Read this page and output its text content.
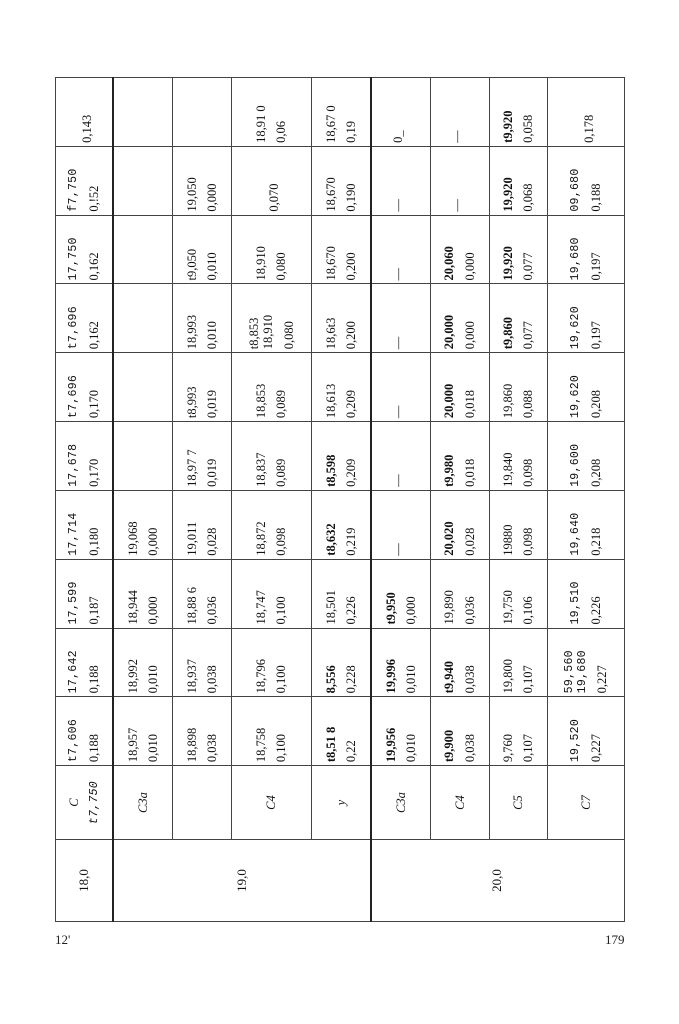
12'	179
18,0	C t7,750	t7,606 0,188	17,642 0,188	17,599 0,187	17,714 0,180	17,678 0,170	t7,696 0,170	t7,696 0,162	17,750 0,162	f7,750 0,!52	0,143

19,0	C3a	18,957 0,010	18,992 0,010	18,944 0,000	19,068 0,000						

		18,898 0,038	18,937 0,038	18,88 6 0,036	19,011 0,028	18,97 7 0,019	t8,993 0,019	18,993 0,010	t9,050 0,010	19,050 0,000	

	C4	18,758 0,100	18,796 0,100	18,747 0,100	18,872 0,098	18,837 0,089	18,853 0,089	t8,853 18,910 0,080	18,910 0,080	0,070	18,91 0 0,06

	y	t8,51 8 0,22	8,556 0,228	18,501 0,226	t8,632 0,219	t8,598 0,209	18,613 0,209	18,6t3 0,200	18,670 0,200	18,670 0,190	18,67 0 0,19

20,0	C3a	19,956 0,010	19,996 0,010	t9,950 0,000	—	—	—	—	—	—	0_

	C4	t9,900 0,038	t9,940 0,038	19,890 0,036	20,020 0,028	t9,980 0,018	20,000 0,018	20,000 0,000	20,060 0,000	—	—

	C5	9,760 0,107	19,800 0,107	19,750 0,106	19880 0,098	19,840 0,098	19,860 0,088	t9,860 0,077	19,920 0,077	19,920 0,068	t9,920 0,058

	C7	19,520 0,227	59,560 19,680 0,227	19,510 0,226	19,640 0,218	19,600 0,208	19,620 0,208	19,620 0,197	19,680 0,197	09,680 0,188	0,178
